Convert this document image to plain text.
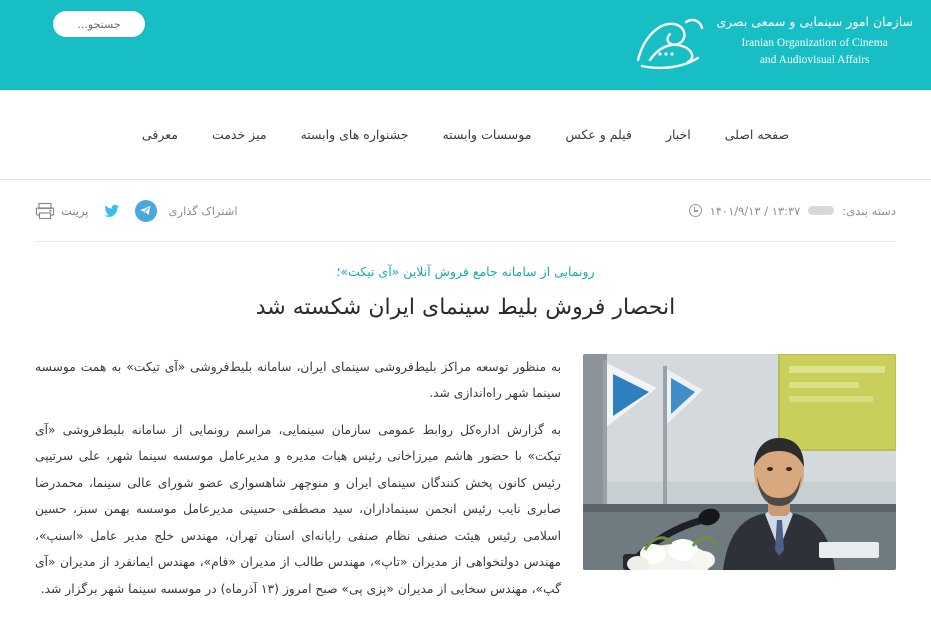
جستجو...	سازمان امور سینمایی و سمعی بصری
Iranian Organization of Cinema
and Audiovisual Affairs
صفحه اصلی
اخبار
فیلم و عکس
موسسات وابسته
جشنواره های وابسته
میز خدمت
معرفی
دسته بندی:
۱۳:۳۷ / ۱۴۰۱/۹/۱۳
اشتراک گذاری
پرینت
رونمایی از سامانه جامع فروش آنلاین «آی تیکت»؛
انحصار فروش بلیط سینمای ایران شکسته شد

به منظور توسعه مراکز بلیط‌فروشی سینمای ایران، سامانه بلیط‌فروشی «آی تیکت» به همت موسسه سینما شهر راه‌اندازی شد.

به گزارش اداره‌کل روابط عمومی سازمان سینمایی، مراسم رونمایی از سامانه بلیط‌فروشی «آی تیکت» با حضور هاشم میرزاخانی رئیس هیات مدیره و مدیرعامل موسسه سینما شهر، علی سرتیپی رئیس کانون پخش کنندگان سینمای ایران و منوچهر شاهسواری عضو شورای عالی سینما، محمدرضا صابری نایب رئیس انجمن سینماداران، سید مصطفی حسینی مدیرعامل موسسه بهمن سبز، حسین اسلامی رئیس هیئت صنفی نظام صنفی رایانه‌ای استان تهران، مهندس خلج مدیر عامل «اسنپ»، مهندس دولتخواهی از مدیران «تاپ»، مهندس طالب از مدیران «فام»، مهندس ایمانفرد از مدیران «آی گپ»، مهندس سخایی از مدیران «پزی پی» صبح امروز (۱۳ آذرماه) در موسسه سینما شهر برگزار شد.
